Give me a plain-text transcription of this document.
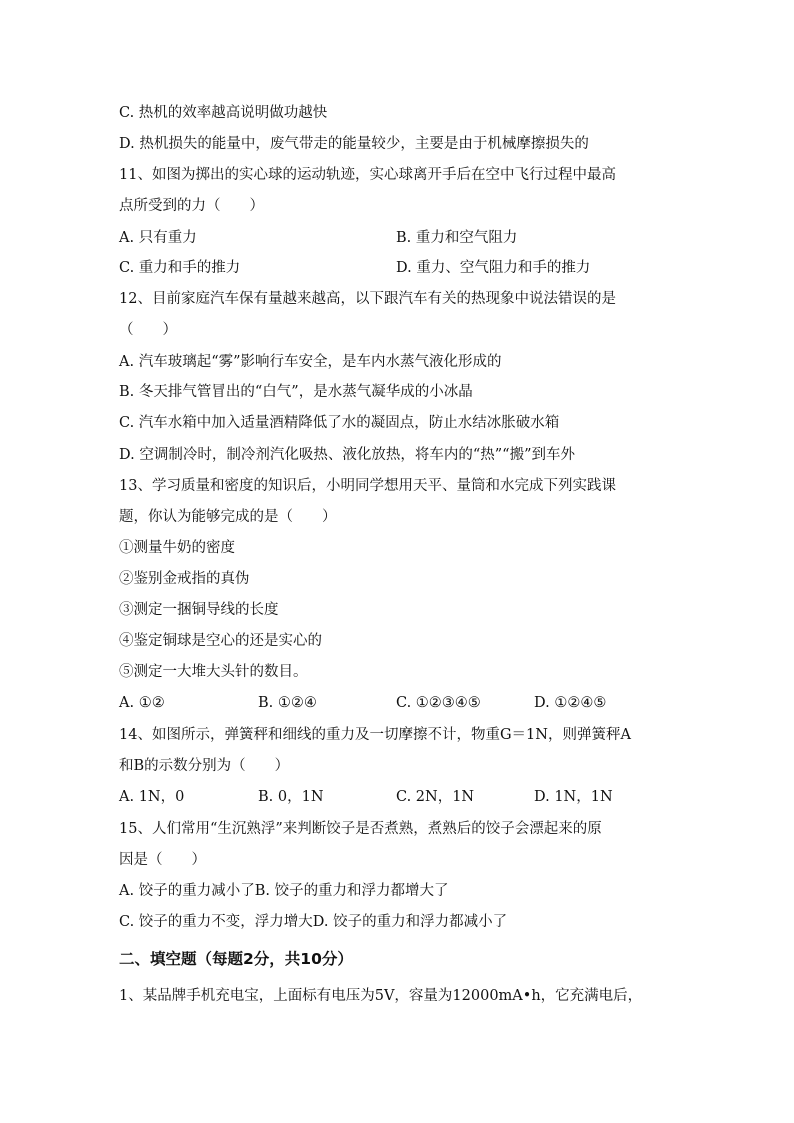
C. 热机的效率越高说明做功越快
D. 热机损失的能量中，废气带走的能量较少，主要是由于机械摩擦损失的
11、如图为掷出的实心球的运动轨迹，实心球离开手后在空中飞行过程中最高
点所受到的力（　　）
A. 只有重力	B. 重力和空气阻力
C. 重力和手的推力	D. 重力、空气阻力和手的推力
12、目前家庭汽车保有量越来越高，以下跟汽车有关的热现象中说法错误的是
（　　）
A. 汽车玻璃起“雾”影响行车安全，是车内水蒸气液化形成的
B. 冬天排气管冒出的“白气”，是水蒸气凝华成的小冰晶
C. 汽车水箱中加入适量酒精降低了水的凝固点，防止水结冰胀破水箱
D. 空调制冷时，制冷剂汽化吸热、液化放热，将车内的“热”“搬”到车外
13、学习质量和密度的知识后，小明同学想用天平、量筒和水完成下列实践课
题，你认为能够完成的是（　　）
①测量牛奶的密度
②鉴别金戒指的真伪
③测定一捆铜导线的长度
④鉴定铜球是空心的还是实心的
⑤测定一大堆大头针的数目。
A. ①②	B. ①②④	C. ①②③④⑤	D. ①②④⑤
14、如图所示，弹簧秤和细线的重力及一切摩擦不计，物重G＝1N，则弹簧秤A
和B的示数分别为（　　）
A. 1N，0	B. 0，1N	C. 2N，1N	D. 1N，1N
15、人们常用“生沉熟浮”来判断饺子是否煮熟，煮熟后的饺子会漂起来的原
因是（　　）
A. 饺子的重力减小了B. 饺子的重力和浮力都增大了
C. 饺子的重力不变，浮力增大D. 饺子的重力和浮力都减小了
二、填空题（每题2分，共10分）
1、某品牌手机充电宝，上面标有电压为5V，容量为12000mA•h，它充满电后，
